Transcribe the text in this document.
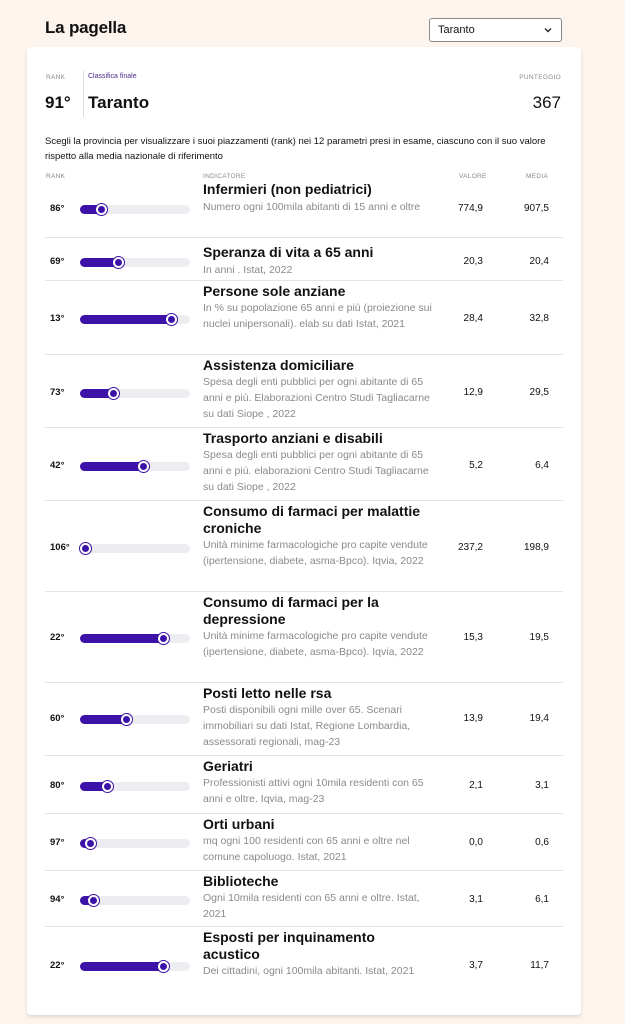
La pagella	Taranto
RANK	Classifica finale	PUNTEGGIO
91° Taranto	367
Scegli la provincia per visualizzare i suoi piazzamenti (rank) nei 12 parametri presi in esame, ciascuno con il suo valore rispetto alla media nazionale di riferimento
RANK	INDICATORE	VALORE	MEDIA
86°
Infermieri (non pediatrici)
Numero ogni 100mila abitanti di 15 anni e oltre	774,9	907,5
69°
Speranza di vita a 65 anni
In anni . Istat, 2022
20,3	20,4
13°
Persone sole anziane
In % su popolazione 65 anni e più (proiezione sui nuclei unipersonali). elab su dati Istat, 2021	28,4	32,8
73°
Assistenza domiciliare
Spesa degli enti pubblici per ogni abitante di 65 anni e più. Elaborazioni Centro Studi Tagliacarne su dati Siope , 2022
12,9	29,5
42°
Trasporto anziani e disabili
Spesa degli enti pubblici per ogni abitante di 65 anni e più. elaborazioni Centro Studi Tagliacarne su dati Siope , 2022
5,2	6,4
106°
Consumo di farmaci per malattie croniche
Unità minime farmacologiche pro capite vendute (ipertensione, diabete, asma-Bpco). Iqvia, 2022
237,2	198,9
22°
Consumo di farmaci per la depressione
Unità minime farmacologiche pro capite vendute (ipertensione, diabete, asma-Bpco). Iqvia, 2022
15,3	19,5
60°
Posti letto nelle rsa
Posti disponibili ogni mille over 65. Scenari immobiliari su dati Istat, Regione Lombardia, assessorati regionali, mag-23
13,9	19,4
80°
Geriatri
Professionisti attivi ogni 10mila residenti con 65 anni e oltre. Iqvia, mag-23
2,1	3,1
97°
Orti urbani
mq ogni 100 residenti con 65 anni e oltre nel comune capoluogo. Istat, 2021
0,0	0,6
94°
Biblioteche
Ogni 10mila residenti con 65 anni e oltre. Istat, 2021
3,1	6,1
22°
Esposti per inquinamento acustico
Dei cittadini, ogni 100mila abitanti. Istat, 2021	3,7	11,7
